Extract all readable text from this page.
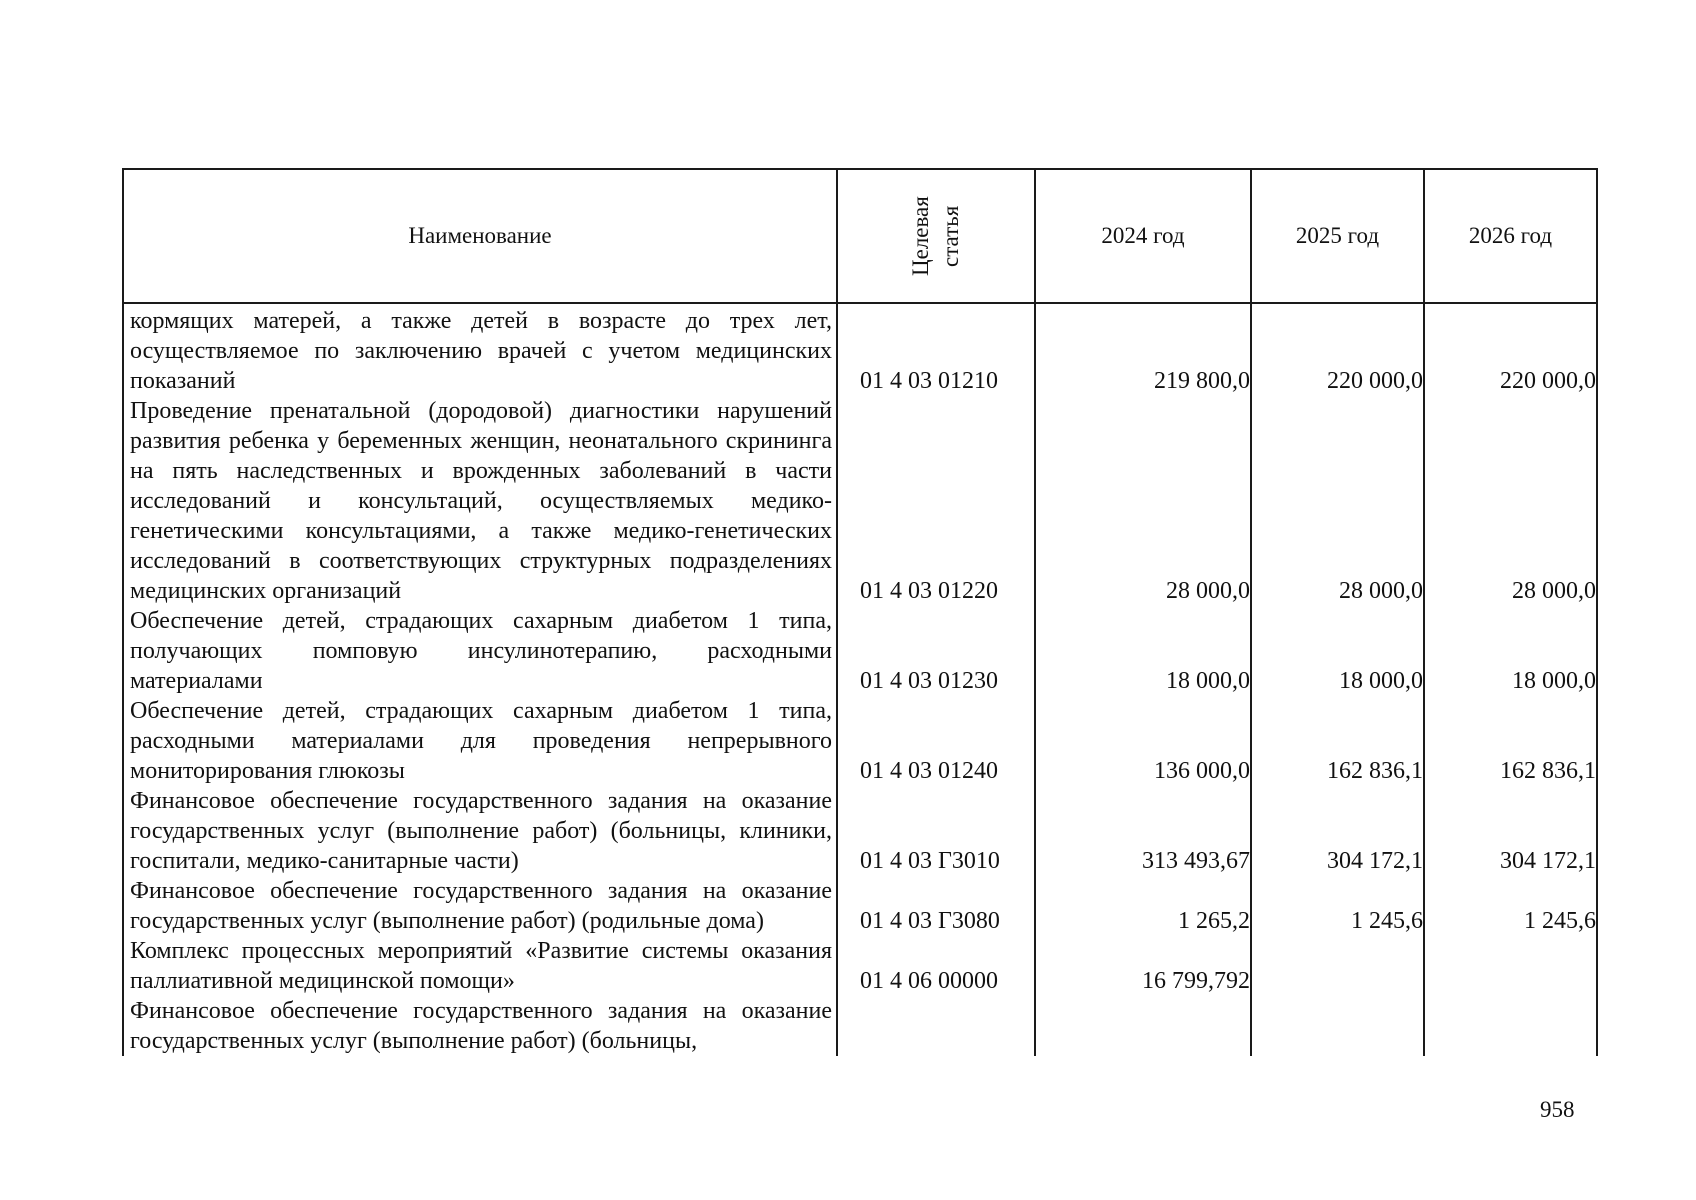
Наименование	Целевая статья	2024 год	2025 год	2026 год
кормящих матерей, а также детей в возрасте до трех лет, осуществляемое по заключению врачей с учетом медицинских показаний	01 4 03 01210	219 800,0	220 000,0	220 000,0
Проведение пренатальной (дородовой) диагностики нарушений развития ребенка у беременных женщин, неонатального скрининга на пять наследственных и врожденных заболеваний в части исследований и консультаций, осуществляемых медико-генетическими консультациями, а также медико-генетических исследований в соответствующих структурных подразделениях медицинских организаций	01 4 03 01220	28 000,0	28 000,0	28 000,0
Обеспечение детей, страдающих сахарным диабетом 1 типа, получающих помповую инсулинотерапию, расходными материалами	01 4 03 01230	18 000,0	18 000,0	18 000,0
Обеспечение детей, страдающих сахарным диабетом 1 типа, расходными материалами для проведения непрерывного мониторирования глюкозы	01 4 03 01240	136 000,0	162 836,1	162 836,1
Финансовое обеспечение государственного задания на оказание государственных услуг (выполнение работ) (больницы, клиники, госпитали, медико-санитарные части)	01 4 03 Г3010	313 493,67	304 172,1	304 172,1
Финансовое обеспечение государственного задания на оказание государственных услуг (выполнение работ) (родильные дома)	01 4 03 Г3080	1 265,2	1 245,6	1 245,6
Комплекс процессных мероприятий «Развитие системы оказания паллиативной медицинской помощи»	01 4 06 00000	16 799,792		
Финансовое обеспечение государственного задания на оказание государственных услуг (выполнение работ) (больницы,				
958
